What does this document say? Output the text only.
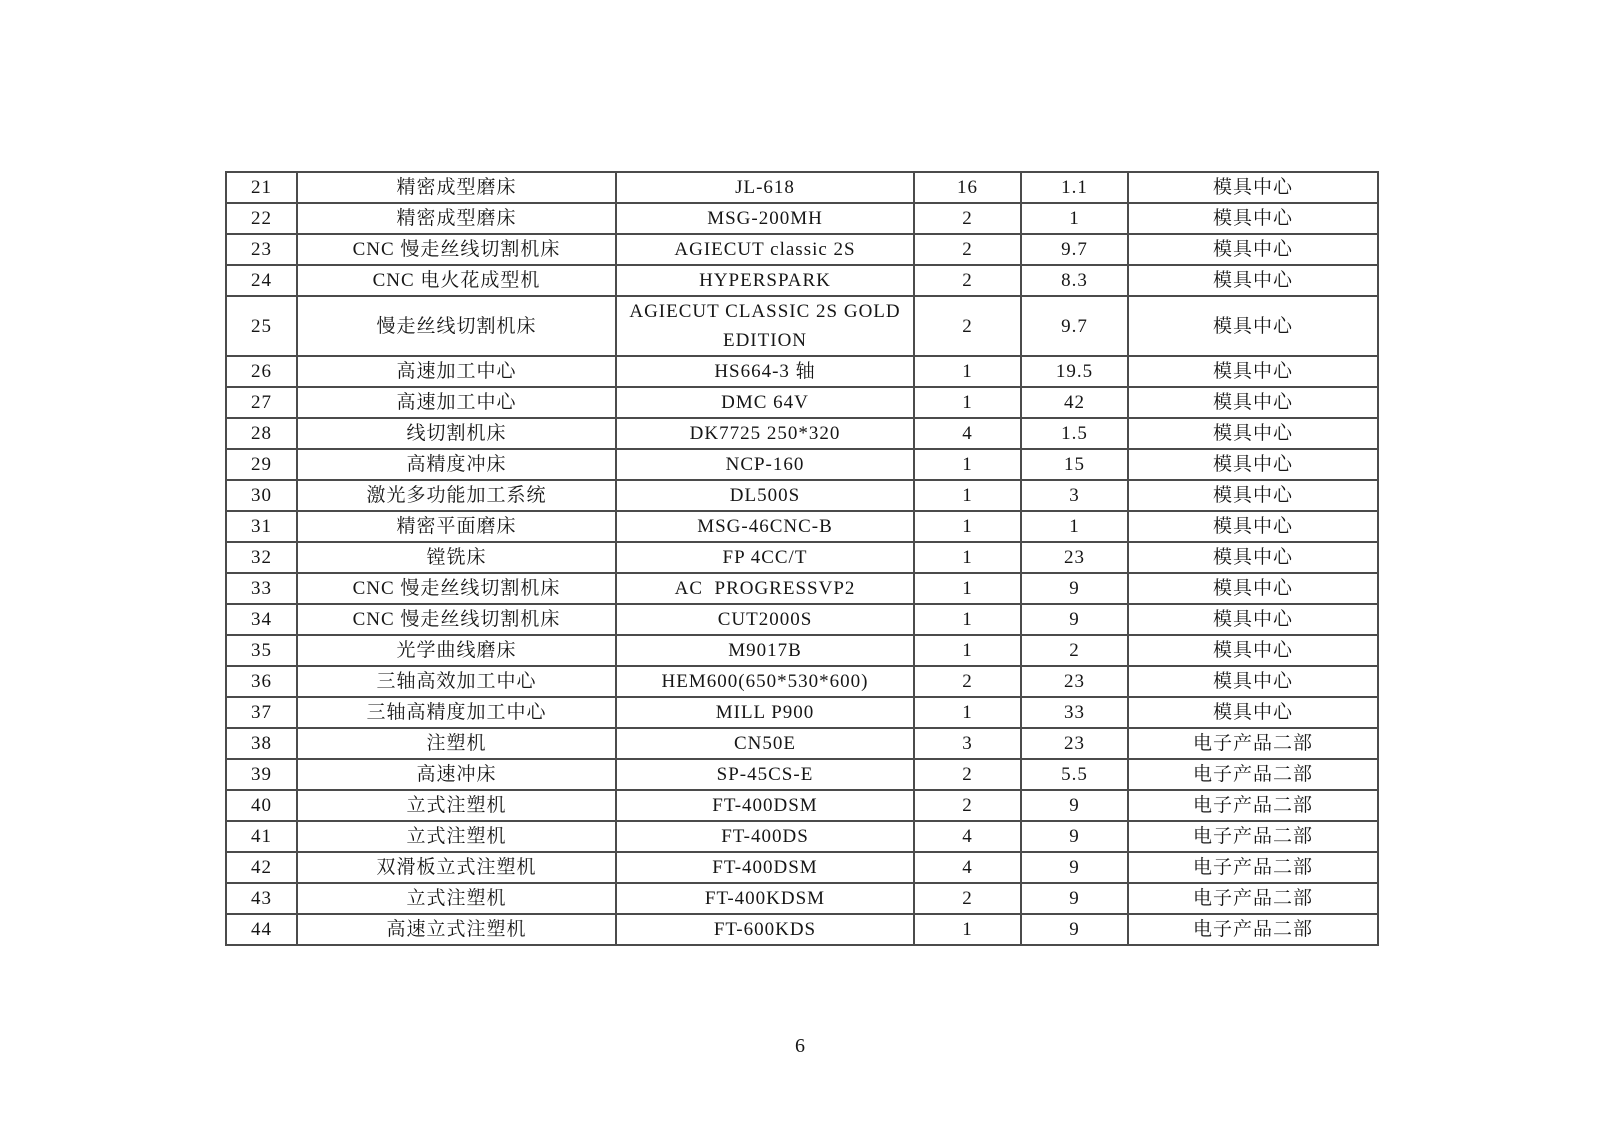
21	精密成型磨床	JL-618	16	1.1	模具中心
22	精密成型磨床	MSG-200MH	2	1	模具中心
23	CNC 慢走丝线切割机床	AGIECUT classic 2S	2	9.7	模具中心
24	CNC 电火花成型机	HYPERSPARK	2	8.3	模具中心
25	慢走丝线切割机床	AGIECUT CLASSIC 2S GOLD EDITION	2	9.7	模具中心
26	高速加工中心	HS664-3 轴	1	19.5	模具中心
27	高速加工中心	DMC 64V	1	42	模具中心
28	线切割机床	DK7725 250*320	4	1.5	模具中心
29	高精度冲床	NCP-160	1	15	模具中心
30	激光多功能加工系统	DL500S	1	3	模具中心
31	精密平面磨床	MSG-46CNC-B	1	1	模具中心
32	镗铣床	FP 4CC/T	1	23	模具中心
33	CNC 慢走丝线切割机床	AC  PROGRESSVP2	1	9	模具中心
34	CNC 慢走丝线切割机床	CUT2000S	1	9	模具中心
35	光学曲线磨床	M9017B	1	2	模具中心
36	三轴高效加工中心	HEM600(650*530*600)	2	23	模具中心
37	三轴高精度加工中心	MILL P900	1	33	模具中心
38	注塑机	CN50E	3	23	电子产品二部
39	高速冲床	SP-45CS-E	2	5.5	电子产品二部
40	立式注塑机	FT-400DSM	2	9	电子产品二部
41	立式注塑机	FT-400DS	4	9	电子产品二部
42	双滑板立式注塑机	FT-400DSM	4	9	电子产品二部
43	立式注塑机	FT-400KDSM	2	9	电子产品二部
44	高速立式注塑机	FT-600KDS	1	9	电子产品二部
6
